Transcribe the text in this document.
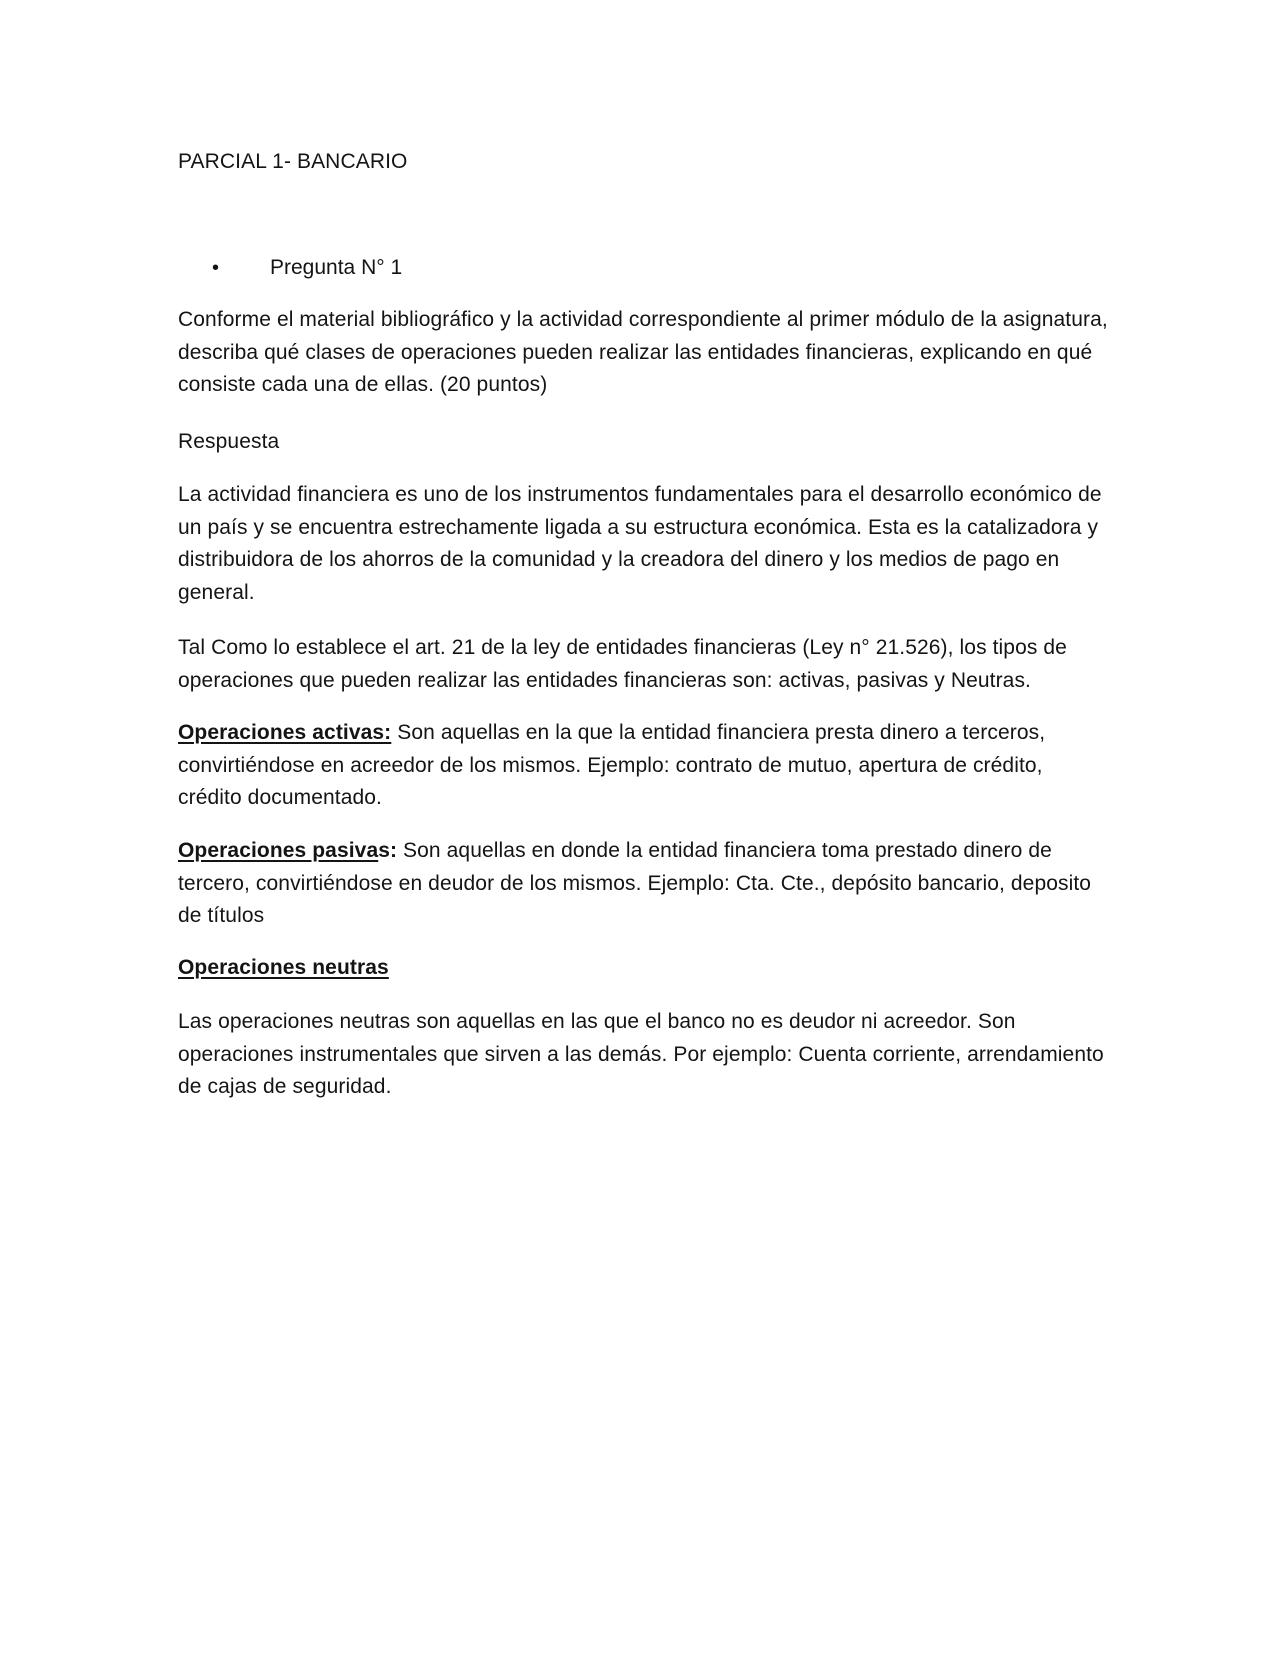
PARCIAL 1- BANCARIO
• Pregunta N° 1

Conforme el material bibliográfico y la actividad correspondiente al primer módulo de la asignatura, describa qué clases de operaciones pueden realizar las entidades financieras, explicando en qué consiste cada una de ellas. (20 puntos)

Respuesta

La actividad financiera es uno de los instrumentos fundamentales para el desarrollo económico de un país y se encuentra estrechamente ligada a su estructura económica. Esta es la catalizadora y distribuidora de los ahorros de la comunidad y la creadora del dinero y los medios de pago en general.

Tal Como lo establece el art. 21 de la ley de entidades financieras (Ley n° 21.526), los tipos de operaciones que pueden realizar las entidades financieras son: activas, pasivas y Neutras.

Operaciones activas: Son aquellas en la que la entidad financiera presta dinero a terceros, convirtiéndose en acreedor de los mismos. Ejemplo: contrato de mutuo, apertura de crédito, crédito documentado.

Operaciones pasivas: Son aquellas en donde la entidad financiera toma prestado dinero de tercero, convirtiéndose en deudor de los mismos. Ejemplo: Cta. Cte., depósito bancario, deposito de títulos

Operaciones neutras

Las operaciones neutras son aquellas en las que el banco no es deudor ni acreedor. Son operaciones instrumentales que sirven a las demás. Por ejemplo: Cuenta corriente, arrendamiento de cajas de seguridad.
